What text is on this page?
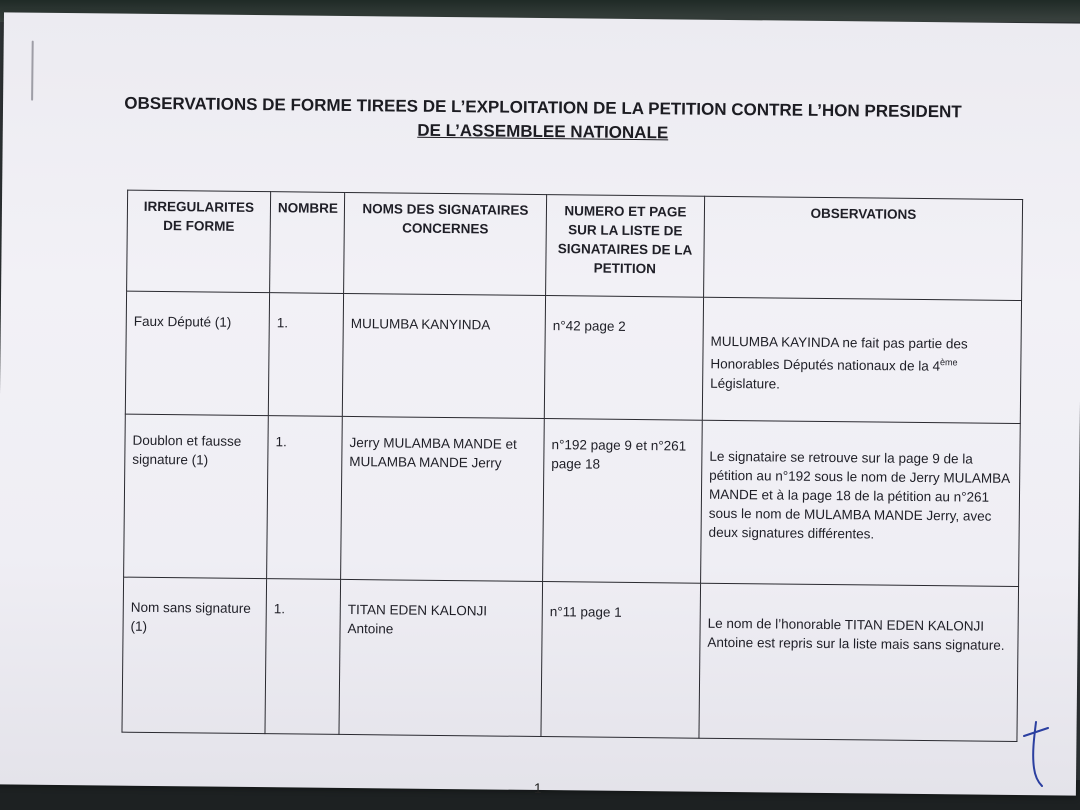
OBSERVATIONS DE FORME TIREES DE L’EXPLOITATION DE LA PETITION CONTRE L’HON PRESIDENT
DE L’ASSEMBLEE NATIONALE
IRREGULARITES DE FORME	NOMBRE	NOMS DES SIGNATAIRES CONCERNES	NUMERO ET PAGE SUR LA LISTE DE SIGNATAIRES DE LA PETITION	OBSERVATIONS
Faux Député (1)	1.	MULUMBA KANYINDA	n°42 page 2	MULUMBA KAYINDA ne fait pas partie des Honorables Députés nationaux de la 4ème Législature.
Doublon et fausse signature (1)	1.	Jerry MULAMBA MANDE et MULAMBA MANDE Jerry	n°192 page 9 et n°261 page 18	Le signataire se retrouve sur la page 9 de la pétition au n°192 sous le nom de Jerry MULAMBA MANDE et à la page 18 de la pétition au n°261 sous le nom de MULAMBA MANDE Jerry, avec deux signatures différentes.
Nom sans signature (1)	1.	TITAN EDEN KALONJI Antoine	n°11 page 1	Le nom de l’honorable TITAN EDEN KALONJI Antoine est repris sur la liste mais sans signature.
1
